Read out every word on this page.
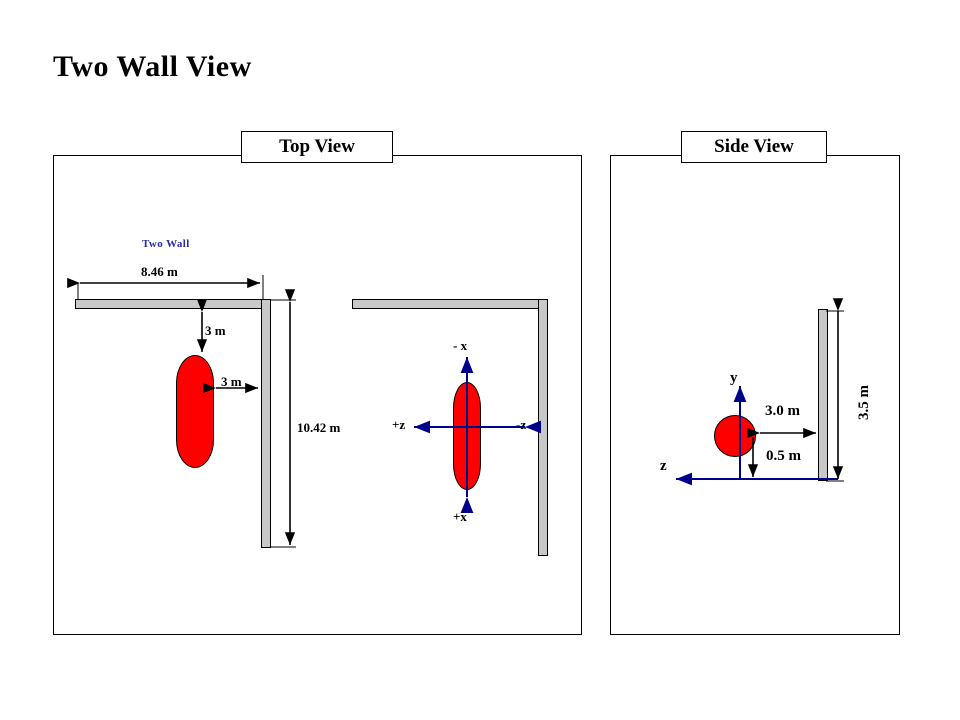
Two Wall View
Top View	Side View
Two Wall
8.46 m
3 m
3 m
10.42 m
- x
+x
+z	-z
y
z
3.0 m
0.5 m
3.5 m
